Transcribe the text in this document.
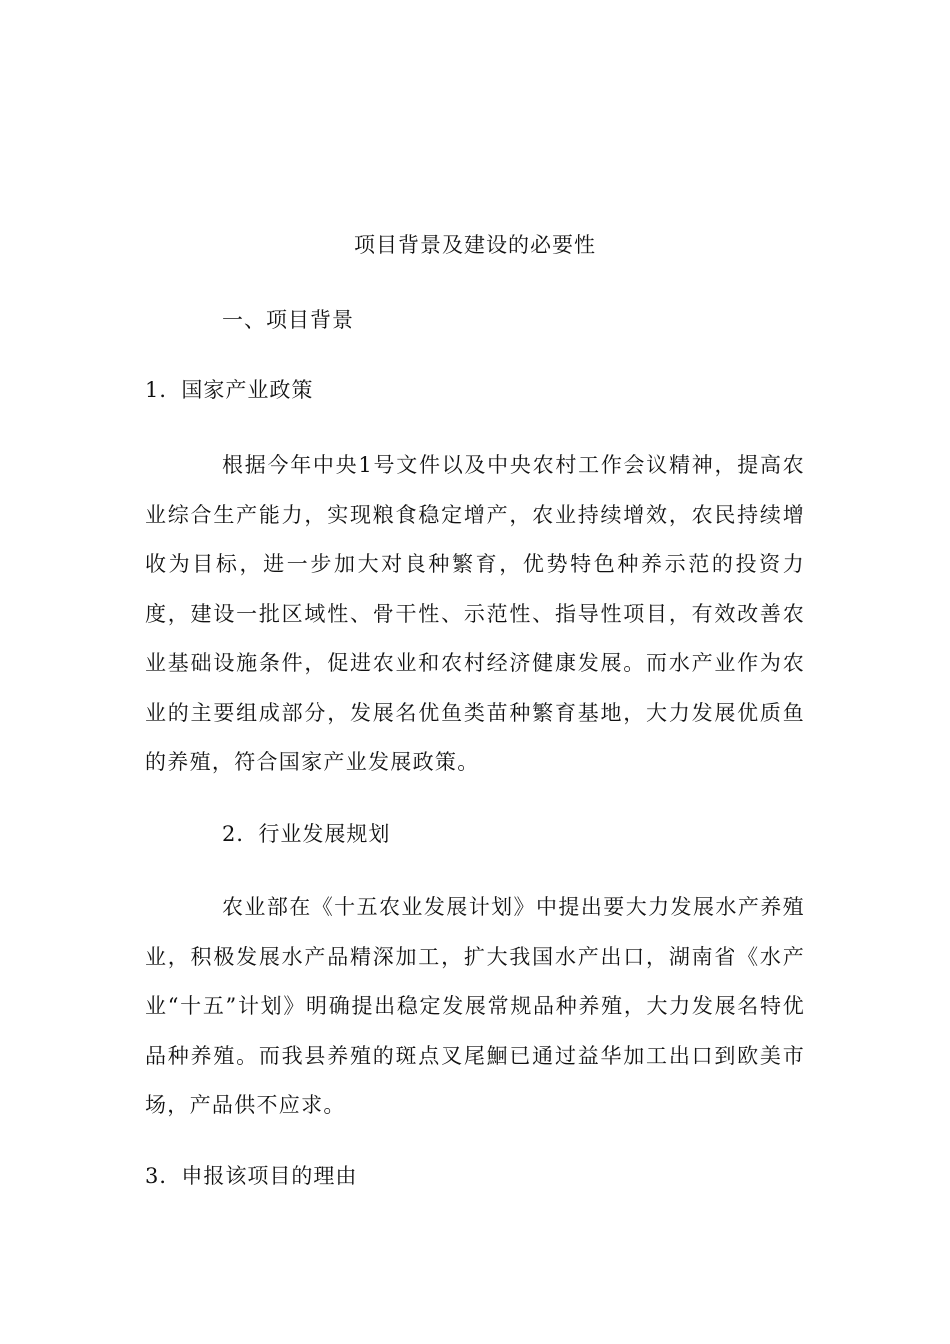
项目背景及建设的必要性
一、项目背景
1．国家产业政策

根据今年中央1号文件以及中央农村工作会议精神，提高农业综合生产能力，实现粮食稳定增产，农业持续增效，农民持续增收为目标，进一步加大对良种繁育，优势特色种养示范的投资力度，建设一批区域性、骨干性、示范性、指导性项目，有效改善农业基础设施条件，促进农业和农村经济健康发展。而水产业作为农业的主要组成部分，发展名优鱼类苗种繁育基地，大力发展优质鱼的养殖，符合国家产业发展政策。

2．行业发展规划

农业部在《十五农业发展计划》中提出要大力发展水产养殖业，积极发展水产品精深加工，扩大我国水产出口，湖南省《水产业“十五”计划》明确提出稳定发展常规品种养殖，大力发展名特优品种养殖。而我县养殖的斑点叉尾鮰已通过益华加工出口到欧美市场，产品供不应求。

3．申报该项目的理由
